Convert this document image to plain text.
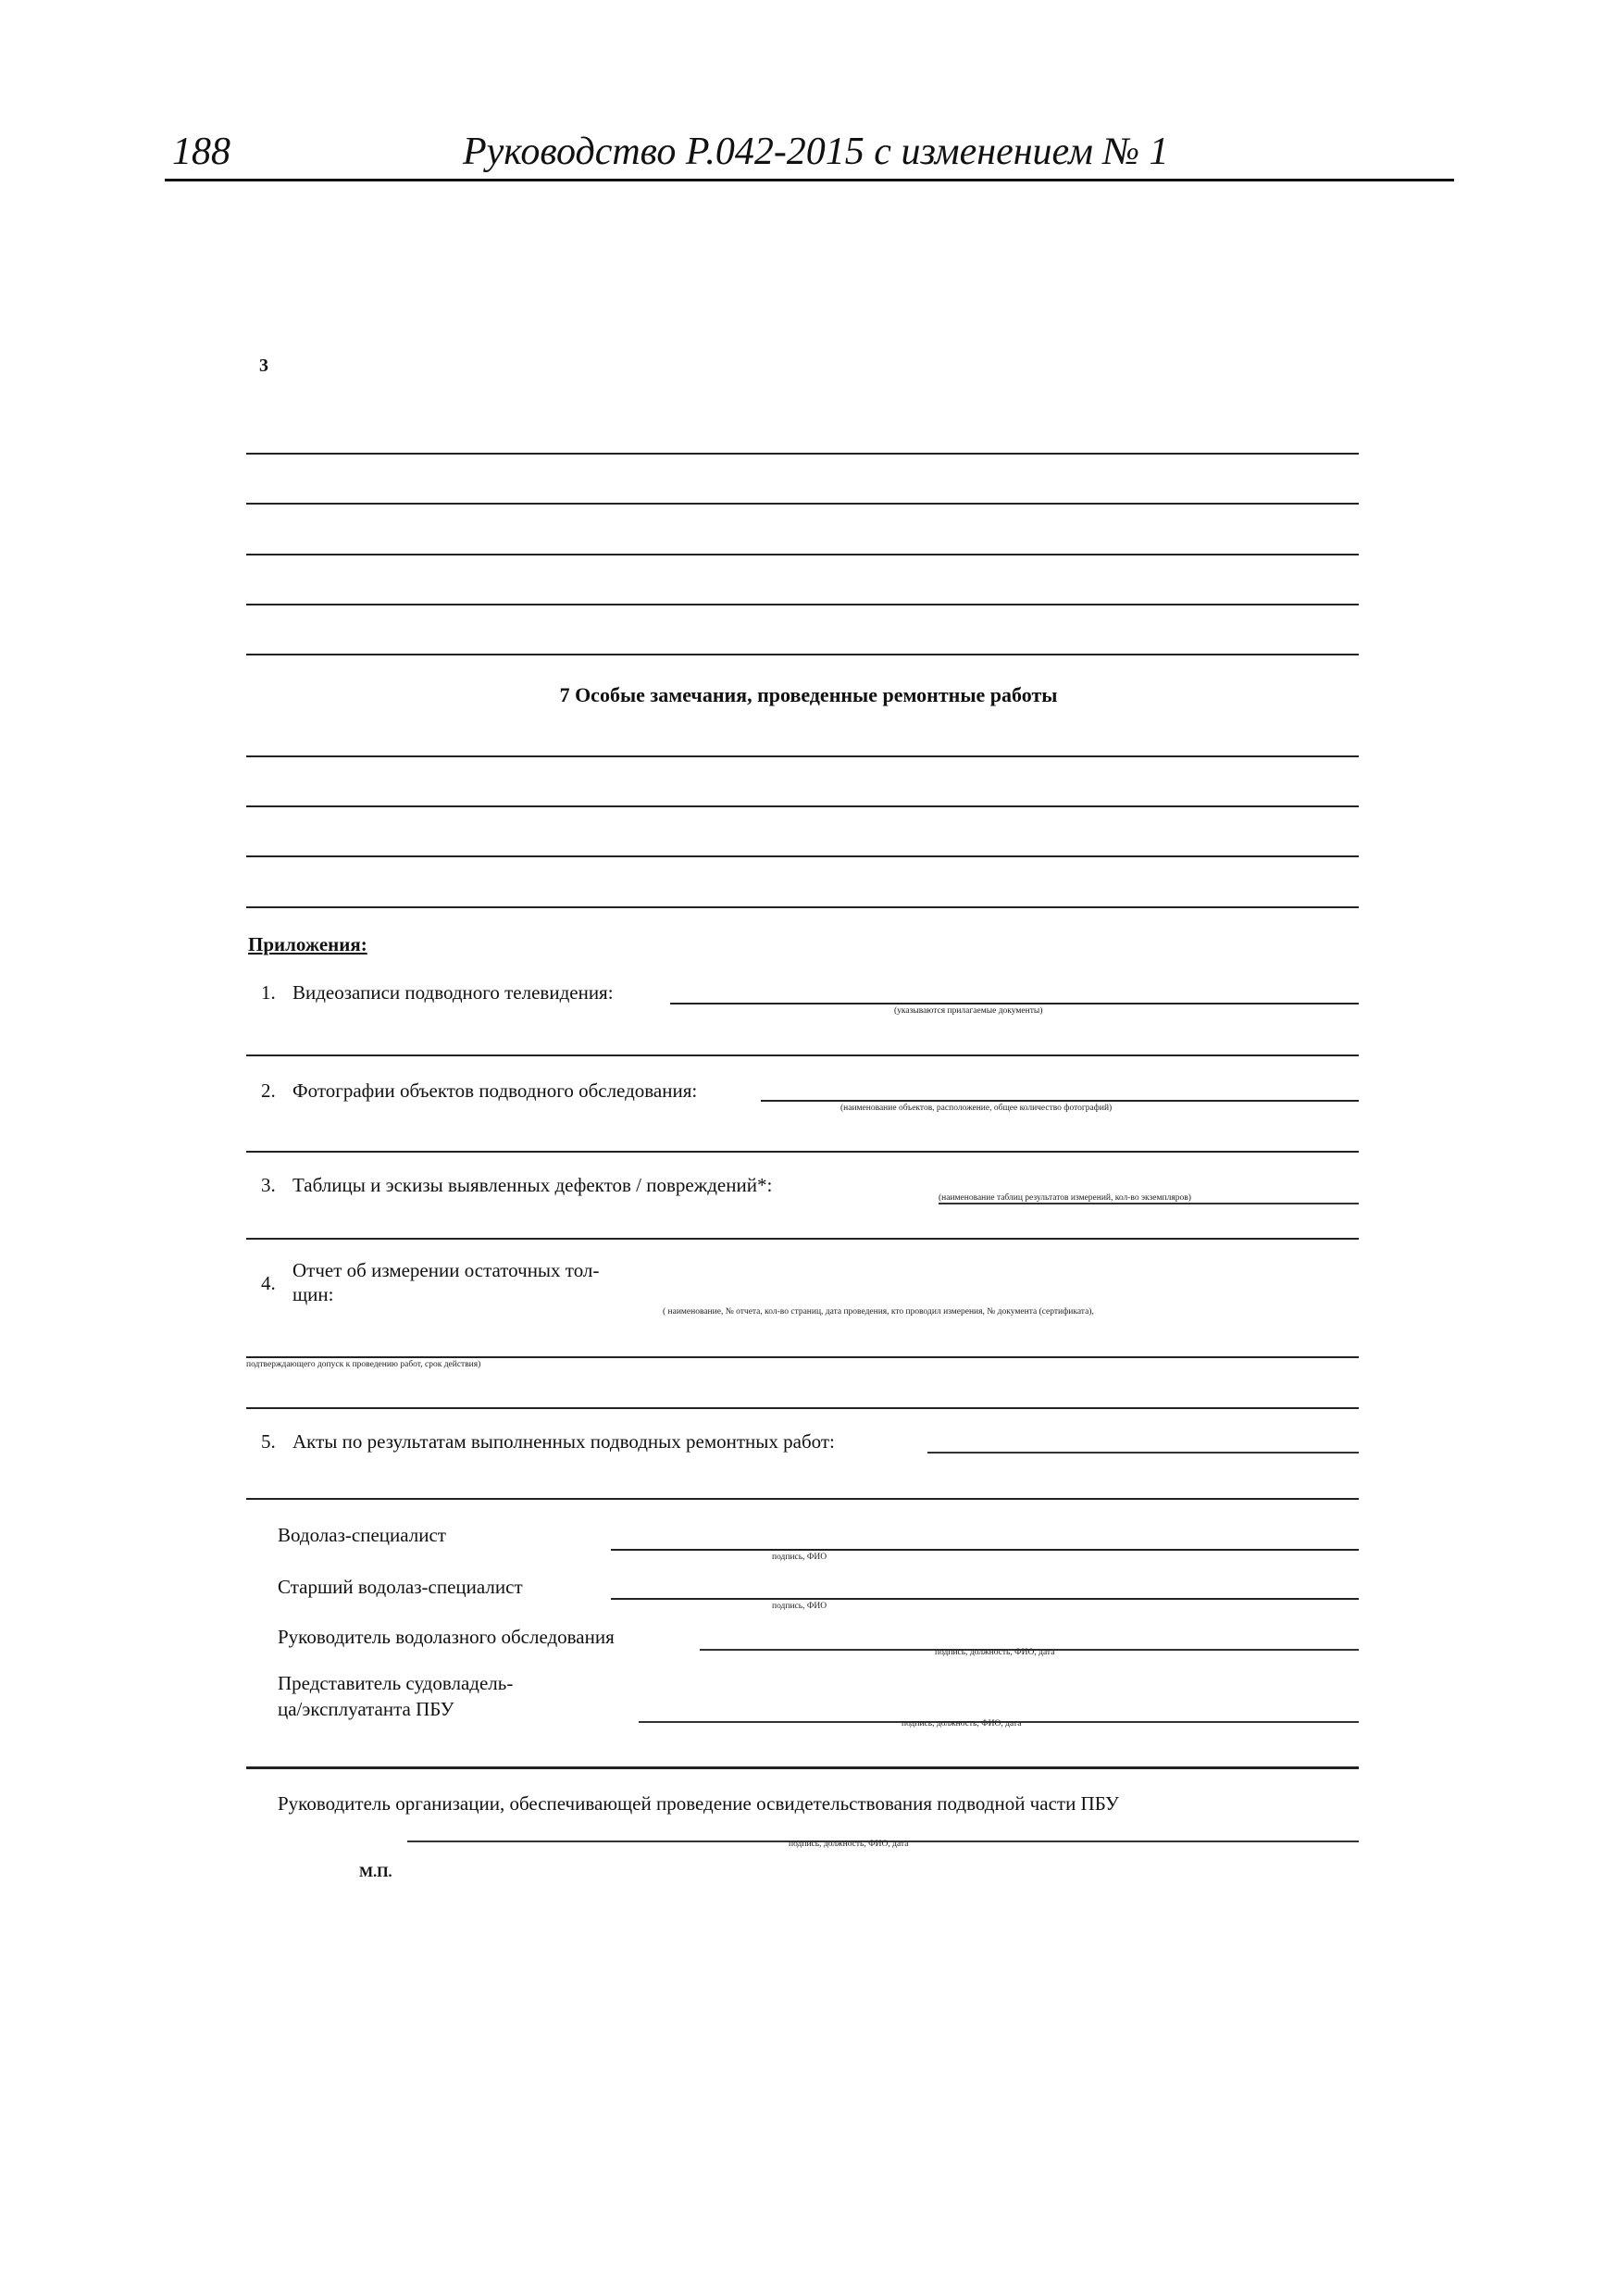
188	Руководство Р.042-2015 с изменением № 1
3
7 Особые замечания, проведенные ремонтные работы
Приложения:
1. Видеозаписи подводного телевидения:
(указываются прилагаемые документы)
2. Фотографии объектов подводного обследования:
(наименование объектов, расположение, общее количество фотографий)
3. Таблицы и эскизы выявленных дефектов / повреждений*:
(наименование таблиц результатов измерений, кол-во экземпляров)
4.
Отчет об измерении остаточных тол-
щин:
( наименование, № отчета, кол-во страниц, дата проведения, кто проводил измерения, № документа (сертификата),
подтверждающего допуск к проведению работ, срок действия)
5. Акты по результатам выполненных подводных ремонтных работ:
Водолаз-специалист
подпись, ФИО
Старший водолаз-специалист
подпись, ФИО
Руководитель водолазного обследования
подпись, должность, ФИО, дата
Представитель судовладель-
ца/эксплуатанта ПБУ
подпись, должность, ФИО, дата
Руководитель организации, обеспечивающей проведение освидетельствования подводной части ПБУ
подпись, должность, ФИО, дата
М.П.
